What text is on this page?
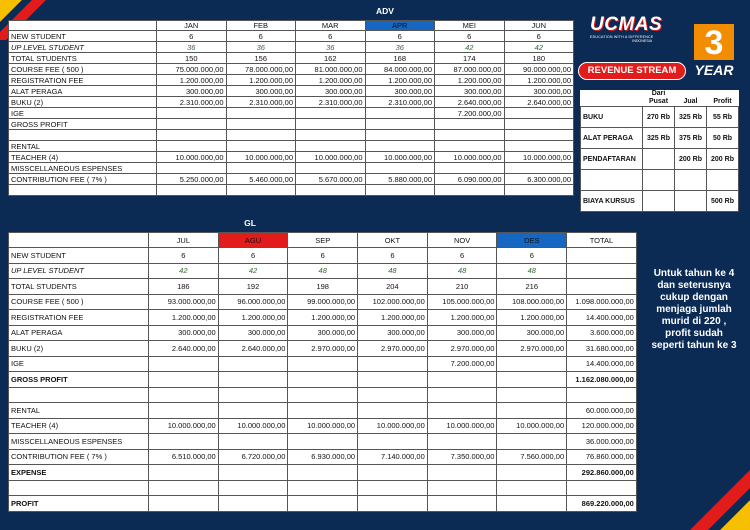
ADV
	JAN	FEB	MAR	APR	MEI	JUN
NEW STUDENT	6	6	6	6	6	6
UP LEVEL STUDENT	36	36	36	36	42	42
TOTAL STUDENTS	150	156	162	168	174	180
COURSE FEE ( 500 )	75.000.000,00	78.000.000,00	81.000.000,00	84.000.000,00	87.000.000,00	90.000.000,00
REGISTRATION FEE	1.200.000,00	1.200.000,00	1.200.000,00	1.200.000,00	1.200.000,00	1.200.000,00
ALAT PERAGA	300.000,00	300.000,00	300.000,00	300.000,00	300.000,00	300.000,00
BUKU (2)	2.310.000,00	2.310.000,00	2.310.000,00	2.310.000,00	2.640.000,00	2.640.000,00
IGE					7.200.000,00	
GROSS PROFIT						

RENTAL						
TEACHER (4)	10.000.000,00	10.000.000,00	10.000.000,00	10.000.000,00	10.000.000,00	10.000.000,00
MISSCELLANEOUS ESPENSES						
CONTRIBUTION FEE ( 7% )	5.250.000,00	5.460.000,00	5.670.000,00	5.880.000,00	6.090.000,00	6.300.000,00

GL
	JUL	AGU	SEP	OKT	NOV	DES	TOTAL
NEW STUDENT	6	6	6	6	6	6	
UP LEVEL STUDENT	42	42	48	48	48	48	
TOTAL STUDENTS	186	192	198	204	210	216	
COURSE FEE ( 500 )	93.000.000,00	96.000.000,00	99.000.000,00	102.000.000,00	105.000.000,00	108.000.000,00	1.098.000.000,00
REGISTRATION FEE	1.200.000,00	1.200.000,00	1.200.000,00	1.200.000,00	1.200.000,00	1.200.000,00	14.400.000,00
ALAT PERAGA	300.000,00	300.000,00	300.000,00	300.000,00	300.000,00	300.000,00	3.600.000,00
BUKU (2)	2.640.000,00	2.640.000,00	2.970.000,00	2.970.000,00	2.970.000,00	2.970.000,00	31.680.000,00
IGE					7.200.000,00		14.400.000,00
GROSS PROFIT							1.162.080.000,00

RENTAL							60.000.000,00
TEACHER (4)	10.000.000,00	10.000.000,00	10.000.000,00	10.000.000,00	10.000.000,00	10.000.000,00	120.000.000,00
MISSCELLANEOUS ESPENSES							36.000.000,00
CONTRIBUTION FEE ( 7% )	6.510.000,00	6.720.000,00	6.930.000,00	7.140.000,00	7.350.000,00	7.560.000,00	76.860.000,00
EXPENSE							292.860.000,00

PROFIT							869.220.000,00
UCMAS
EDUCATION WITH A DIFFERENCE
INDONESIA	3
YEAR
REVENUE STREAM
	Dari Pusat	Jual	Profit
BUKU	270 Rb	325 Rb	55 Rb
ALAT PERAGA	325 Rb	375 Rb	50 Rb
PENDAFTARAN		200 Rb	200 Rb

BIAYA KURSUS			500 Rb
Untuk tahun ke 4 dan seterusnya cukup dengan menjaga jumlah murid di 220 , profit sudah seperti tahun ke 3
